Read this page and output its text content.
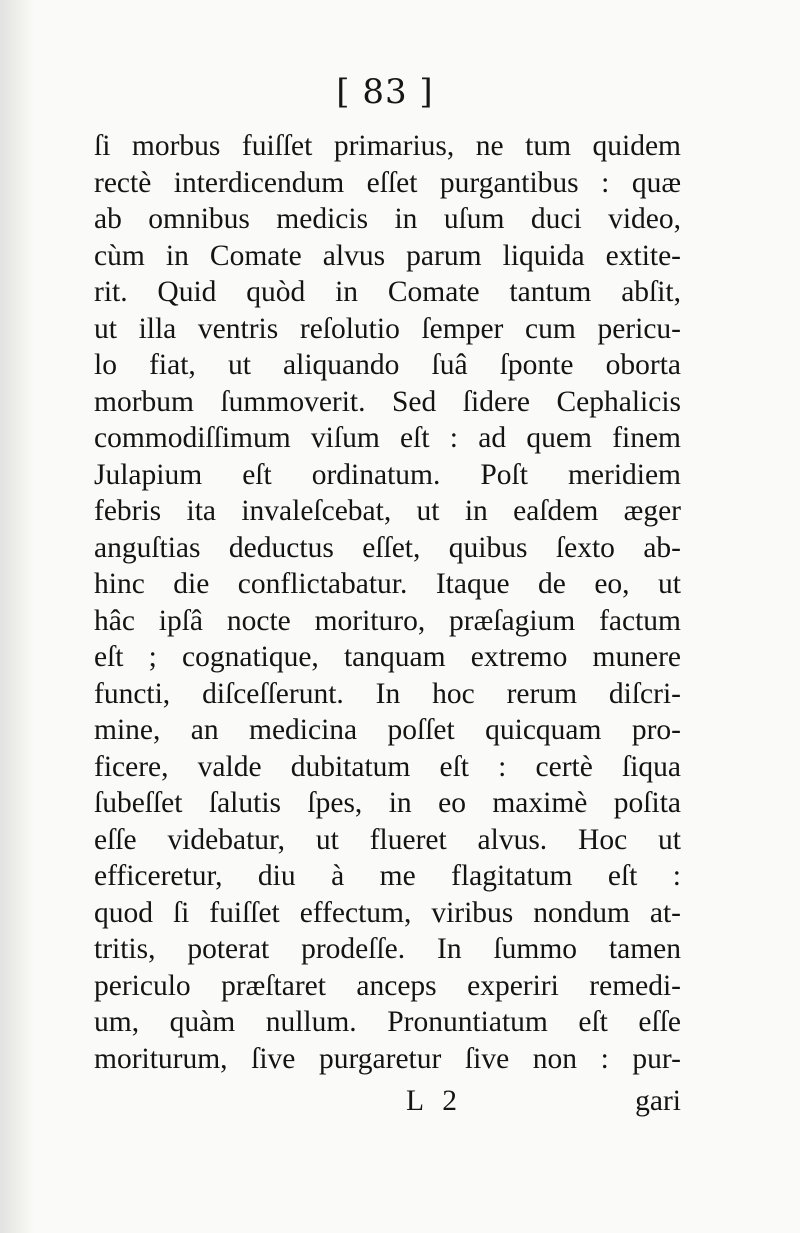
[ 83 ]
ſi morbus fuiſſet primarius, ne tum quidem
rectè interdicendum eſſet purgantibus : quæ
ab omnibus medicis in uſum duci video,
cùm in Comate alvus parum liquida extite-
rit. Quid quòd in Comate tantum abſit,
ut illa ventris reſolutio ſemper cum pericu-
lo fiat, ut aliquando ſuâ ſponte oborta
morbum ſummoverit. Sed ſidere Cephalicis
commodiſſimum viſum eſt : ad quem finem
Julapium eſt ordinatum. Poſt meridiem
febris ita invaleſcebat, ut in eaſdem æger
anguſtias deductus eſſet, quibus ſexto ab-
hinc die conflictabatur. Itaque de eo, ut
hâc ipſâ nocte morituro, præſagium factum
eſt ; cognatique, tanquam extremo munere
functi, diſceſſerunt. In hoc rerum diſcri-
mine, an medicina poſſet quicquam pro-
ficere, valde dubitatum eſt : certè ſiqua
ſubeſſet ſalutis ſpes, in eo maximè poſita
eſſe videbatur, ut flueret alvus. Hoc ut
efficeretur, diu à me flagitatum eſt :
quod ſi fuiſſet effectum, viribus nondum at-
tritis, poterat prodeſſe. In ſummo tamen
periculo præſtaret anceps experiri remedi-
um, quàm nullum. Pronuntiatum eſt eſſe
moriturum, ſive purgaretur ſive non : pur-
L 2	gari
